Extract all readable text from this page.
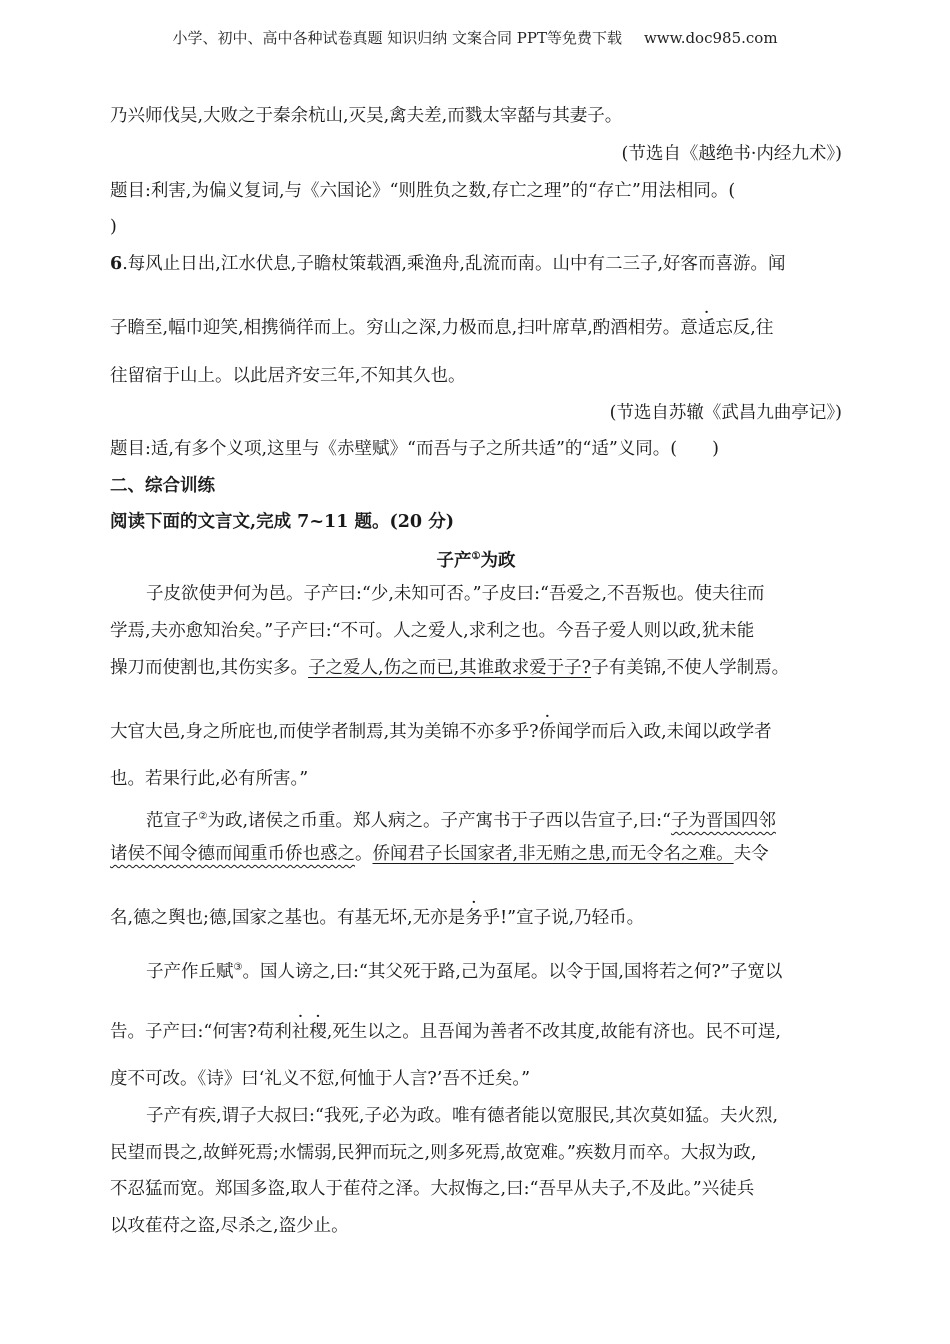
小学、初中、高中各种试卷真题 知识归纳 文案合同 PPT等免费下载 www.doc985.com
乃兴师伐吴,大败之于秦余杭山,灭吴,禽夫差,而戮太宰嚭与其妻子。
(节选自《越绝书·内经九术》)
题目:利害,为偏义复词,与《六国论》“则胜负之数,存亡之理”的“存亡”用法相同。(
)
6.每风止日出,江水伏息,子瞻杖策载酒,乘渔舟,乱流而南。山中有二三子,好客而喜游。闻
子瞻至,幅巾迎笑,相携徜徉而上。穷山之深,力极而息,扫叶席草,酌酒相劳。意适忘反,往
往留宿于山上。以此居齐安三年,不知其久也。
(节选自苏辙《武昌九曲亭记》)
题目:适,有多个义项,这里与《赤壁赋》“而吾与子之所共适”的“适”义同。(　　)
二、综合训练
阅读下面的文言文,完成 7~11 题。(20 分)
子产①为政
子皮欲使尹何为邑。子产曰:“少,未知可否。”子皮曰:“吾爱之,不吾叛也。使夫往而
学焉,夫亦愈知治矣。”子产曰:“不可。人之爱人,求利之也。今吾子爱人则以政,犹未能
操刀而使割也,其伤实多。子之爱人,伤之而已,其谁敢求爱于子?子有美锦,不使人学制焉。
大官大邑,身之所庇也,而使学者制焉,其为美锦不亦多乎?侨闻学而后入政,未闻以政学者
也。若果行此,必有所害。”
范宣子②为政,诸侯之币重。郑人病之。子产寓书于子西以告宣子,曰:“子为晋国四邻
诸侯不闻令德而闻重币侨也惑之。侨闻君子长国家者,非无贿之患,而无令名之难。夫令
名,德之舆也;德,国家之基也。有基无坏,无亦是务乎!”宣子说,乃轻币。
子产作丘赋③。国人谤之,曰:“其父死于路,己为虿尾。以令于国,国将若之何?”子宽以
告。子产曰:“何害?苟利社稷,死生以之。且吾闻为善者不改其度,故能有济也。民不可逞,
度不可改。《诗》曰‘礼义不愆,何恤于人言?’吾不迁矣。”
子产有疾,谓子大叔曰:“我死,子必为政。唯有德者能以宽服民,其次莫如猛。夫火烈,
民望而畏之,故鲜死焉;水懦弱,民狎而玩之,则多死焉,故宽难。”疾数月而卒。大叔为政,
不忍猛而宽。郑国多盗,取人于萑苻之泽。大叔悔之,曰:“吾早从夫子,不及此。”兴徒兵
以攻萑苻之盗,尽杀之,盗少止。
